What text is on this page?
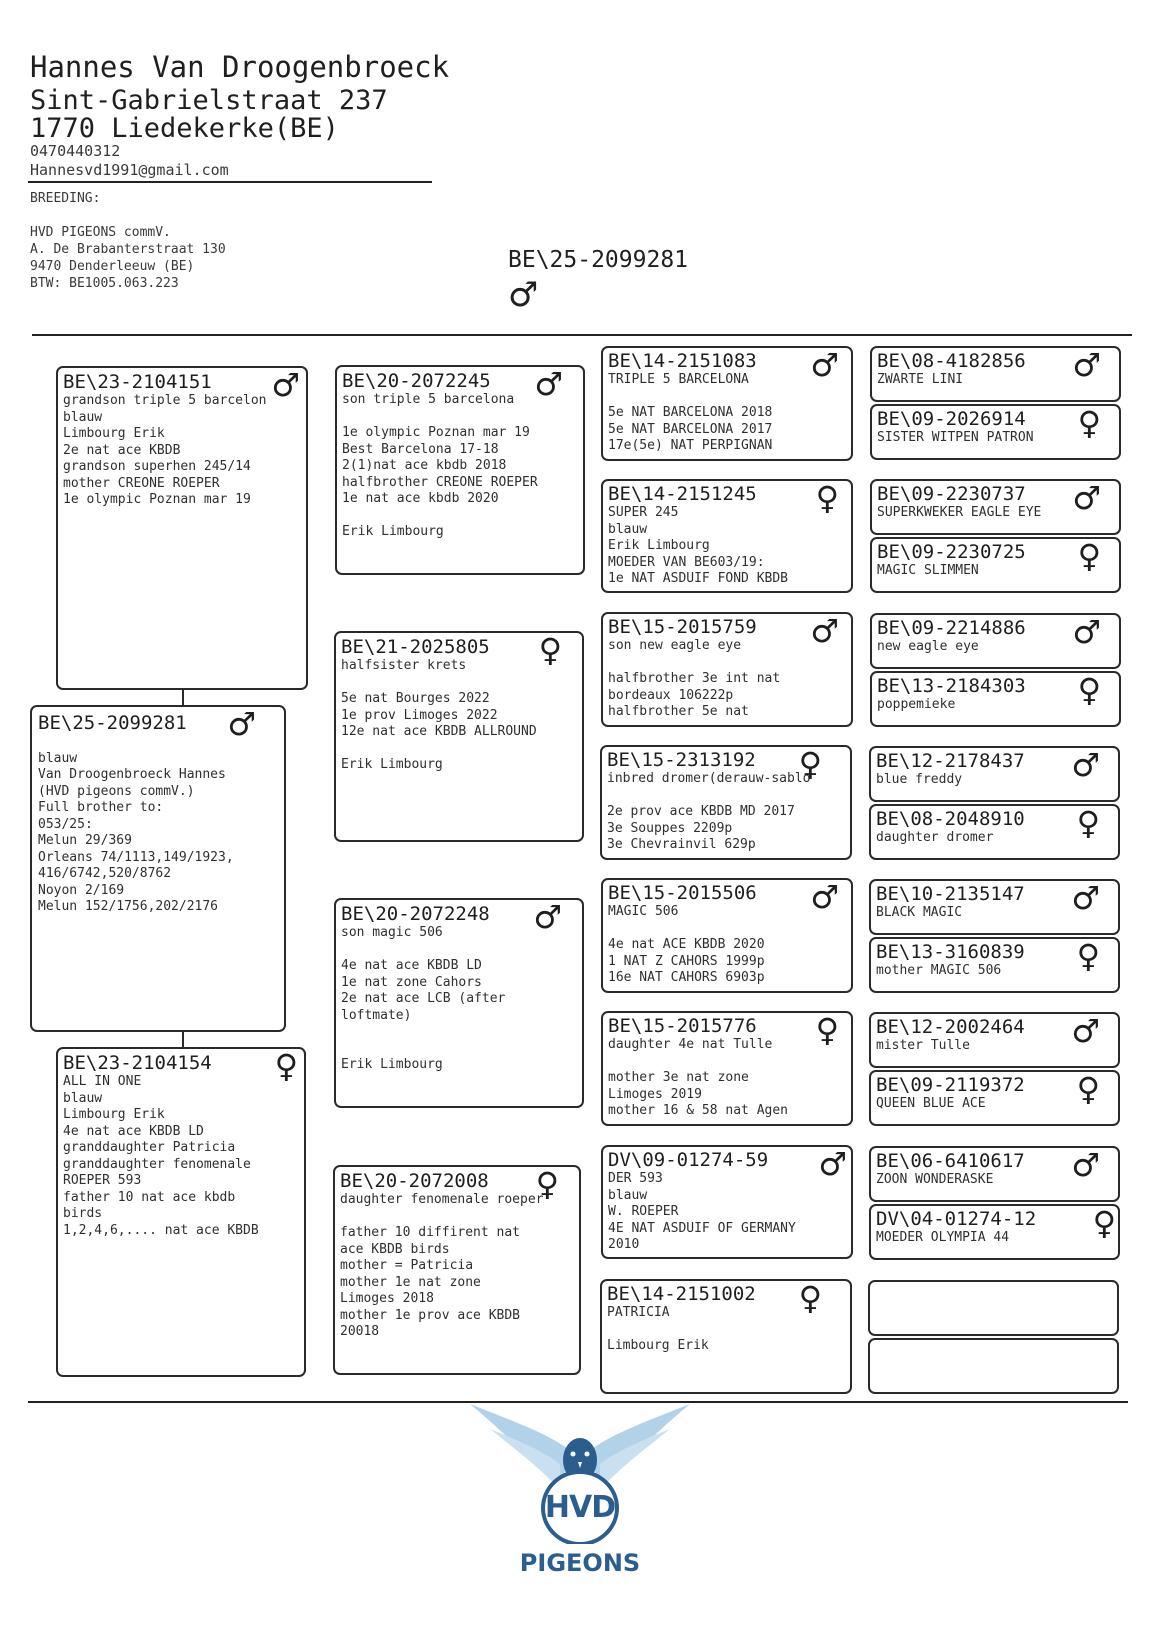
Hannes Van Droogenbroeck
Sint-Gabrielstraat 237
1770 Liedekerke(BE)
0470440312
Hannesvd1991@gmail.com
BREEDING:
HVD PIGEONS commV.
A. De Brabanterstraat 130
9470 Denderleeuw (BE)
BTW: BE1005.063.223
BE\25-2099281
♂
BE\25-2099281	♂

blauw
Van Droogenbroeck Hannes
(HVD pigeons commV.)
Full brother to:
053/25:
Melun 29/369
Orleans 74/1113,149/1923,
416/6742,520/8762
Noyon 2/169
Melun 152/1756,202/2176
BE\23-2104151	♂
grandson triple 5 barcelon
blauw
Limbourg Erik
2e nat ace KBDB
grandson superhen 245/14
mother CREONE ROEPER
1e olympic Poznan mar 19
BE\23-2104154	♀
ALL IN ONE
blauw
Limbourg Erik
4e nat ace KBDB LD
granddaughter Patricia
granddaughter fenomenale
ROEPER 593
father 10 nat ace kbdb
birds
1,2,4,6,.... nat ace KBDB
BE\20-2072245	♂
son triple 5 barcelona

1e olympic Poznan mar 19
Best Barcelona 17-18
2(1)nat ace kbdb 2018
halfbrother CREONE ROEPER
1e nat ace kbdb 2020

Erik Limbourg
BE\21-2025805	♀
halfsister krets

5e nat Bourges 2022
1e prov Limoges 2022
12e nat ace KBDB ALLROUND

Erik Limbourg
BE\20-2072248	♂
son magic 506

4e nat ace KBDB LD
1e nat zone Cahors
2e nat ace LCB (after
loftmate)

Erik Limbourg
BE\20-2072008	♀
daughter fenomenale roeper

father 10 diffirent nat
ace KBDB birds
mother = Patricia
mother 1e nat zone
Limoges 2018
mother 1e prov ace KBDB
20018
BE\14-2151083	♂
TRIPLE 5 BARCELONA

5e NAT BARCELONA 2018
5e NAT BARCELONA 2017
17e(5e) NAT PERPIGNAN
BE\14-2151245	♀
SUPER 245
blauw
Erik Limbourg
MOEDER VAN BE603/19:
1e NAT ASDUIF FOND KBDB
BE\15-2015759	♂
son new eagle eye

halfbrother 3e int nat
bordeaux 106222p
halfbrother 5e nat
BE\15-2313192	♀
inbred dromer(derauw-sablo

2e prov ace KBDB MD 2017
3e Souppes 2209p
3e Chevrainvil 629p
BE\15-2015506	♂
MAGIC 506

4e nat ACE KBDB 2020
1 NAT Z CAHORS 1999p
16e NAT CAHORS 6903p
BE\15-2015776	♀
daughter 4e nat Tulle

mother 3e nat zone
Limoges 2019
mother 16 & 58 nat Agen
DV\09-01274-59	♂
DER 593
blauw
W. ROEPER
4E NAT ASDUIF OF GERMANY
2010
BE\14-2151002	♀
PATRICIA

Limbourg Erik
BE\08-4182856	♂
ZWARTE LINI
BE\09-2026914	♀
SISTER WITPEN PATRON
BE\09-2230737	♂
SUPERKWEKER EAGLE EYE
BE\09-2230725	♀
MAGIC SLIMMEN
BE\09-2214886	♂
new eagle eye
BE\13-2184303	♀
poppemieke
BE\12-2178437	♂
blue freddy
BE\08-2048910	♀
daughter dromer
BE\10-2135147	♂
BLACK MAGIC
BE\13-3160839	♀
mother MAGIC 506
BE\12-2002464	♂
mister Tulle
BE\09-2119372	♀
QUEEN BLUE ACE
BE\06-6410617	♂
ZOON WONDERASKE
DV\04-01274-12	♀
MOEDER OLYMPIA 44
HVD
PIGEONS
